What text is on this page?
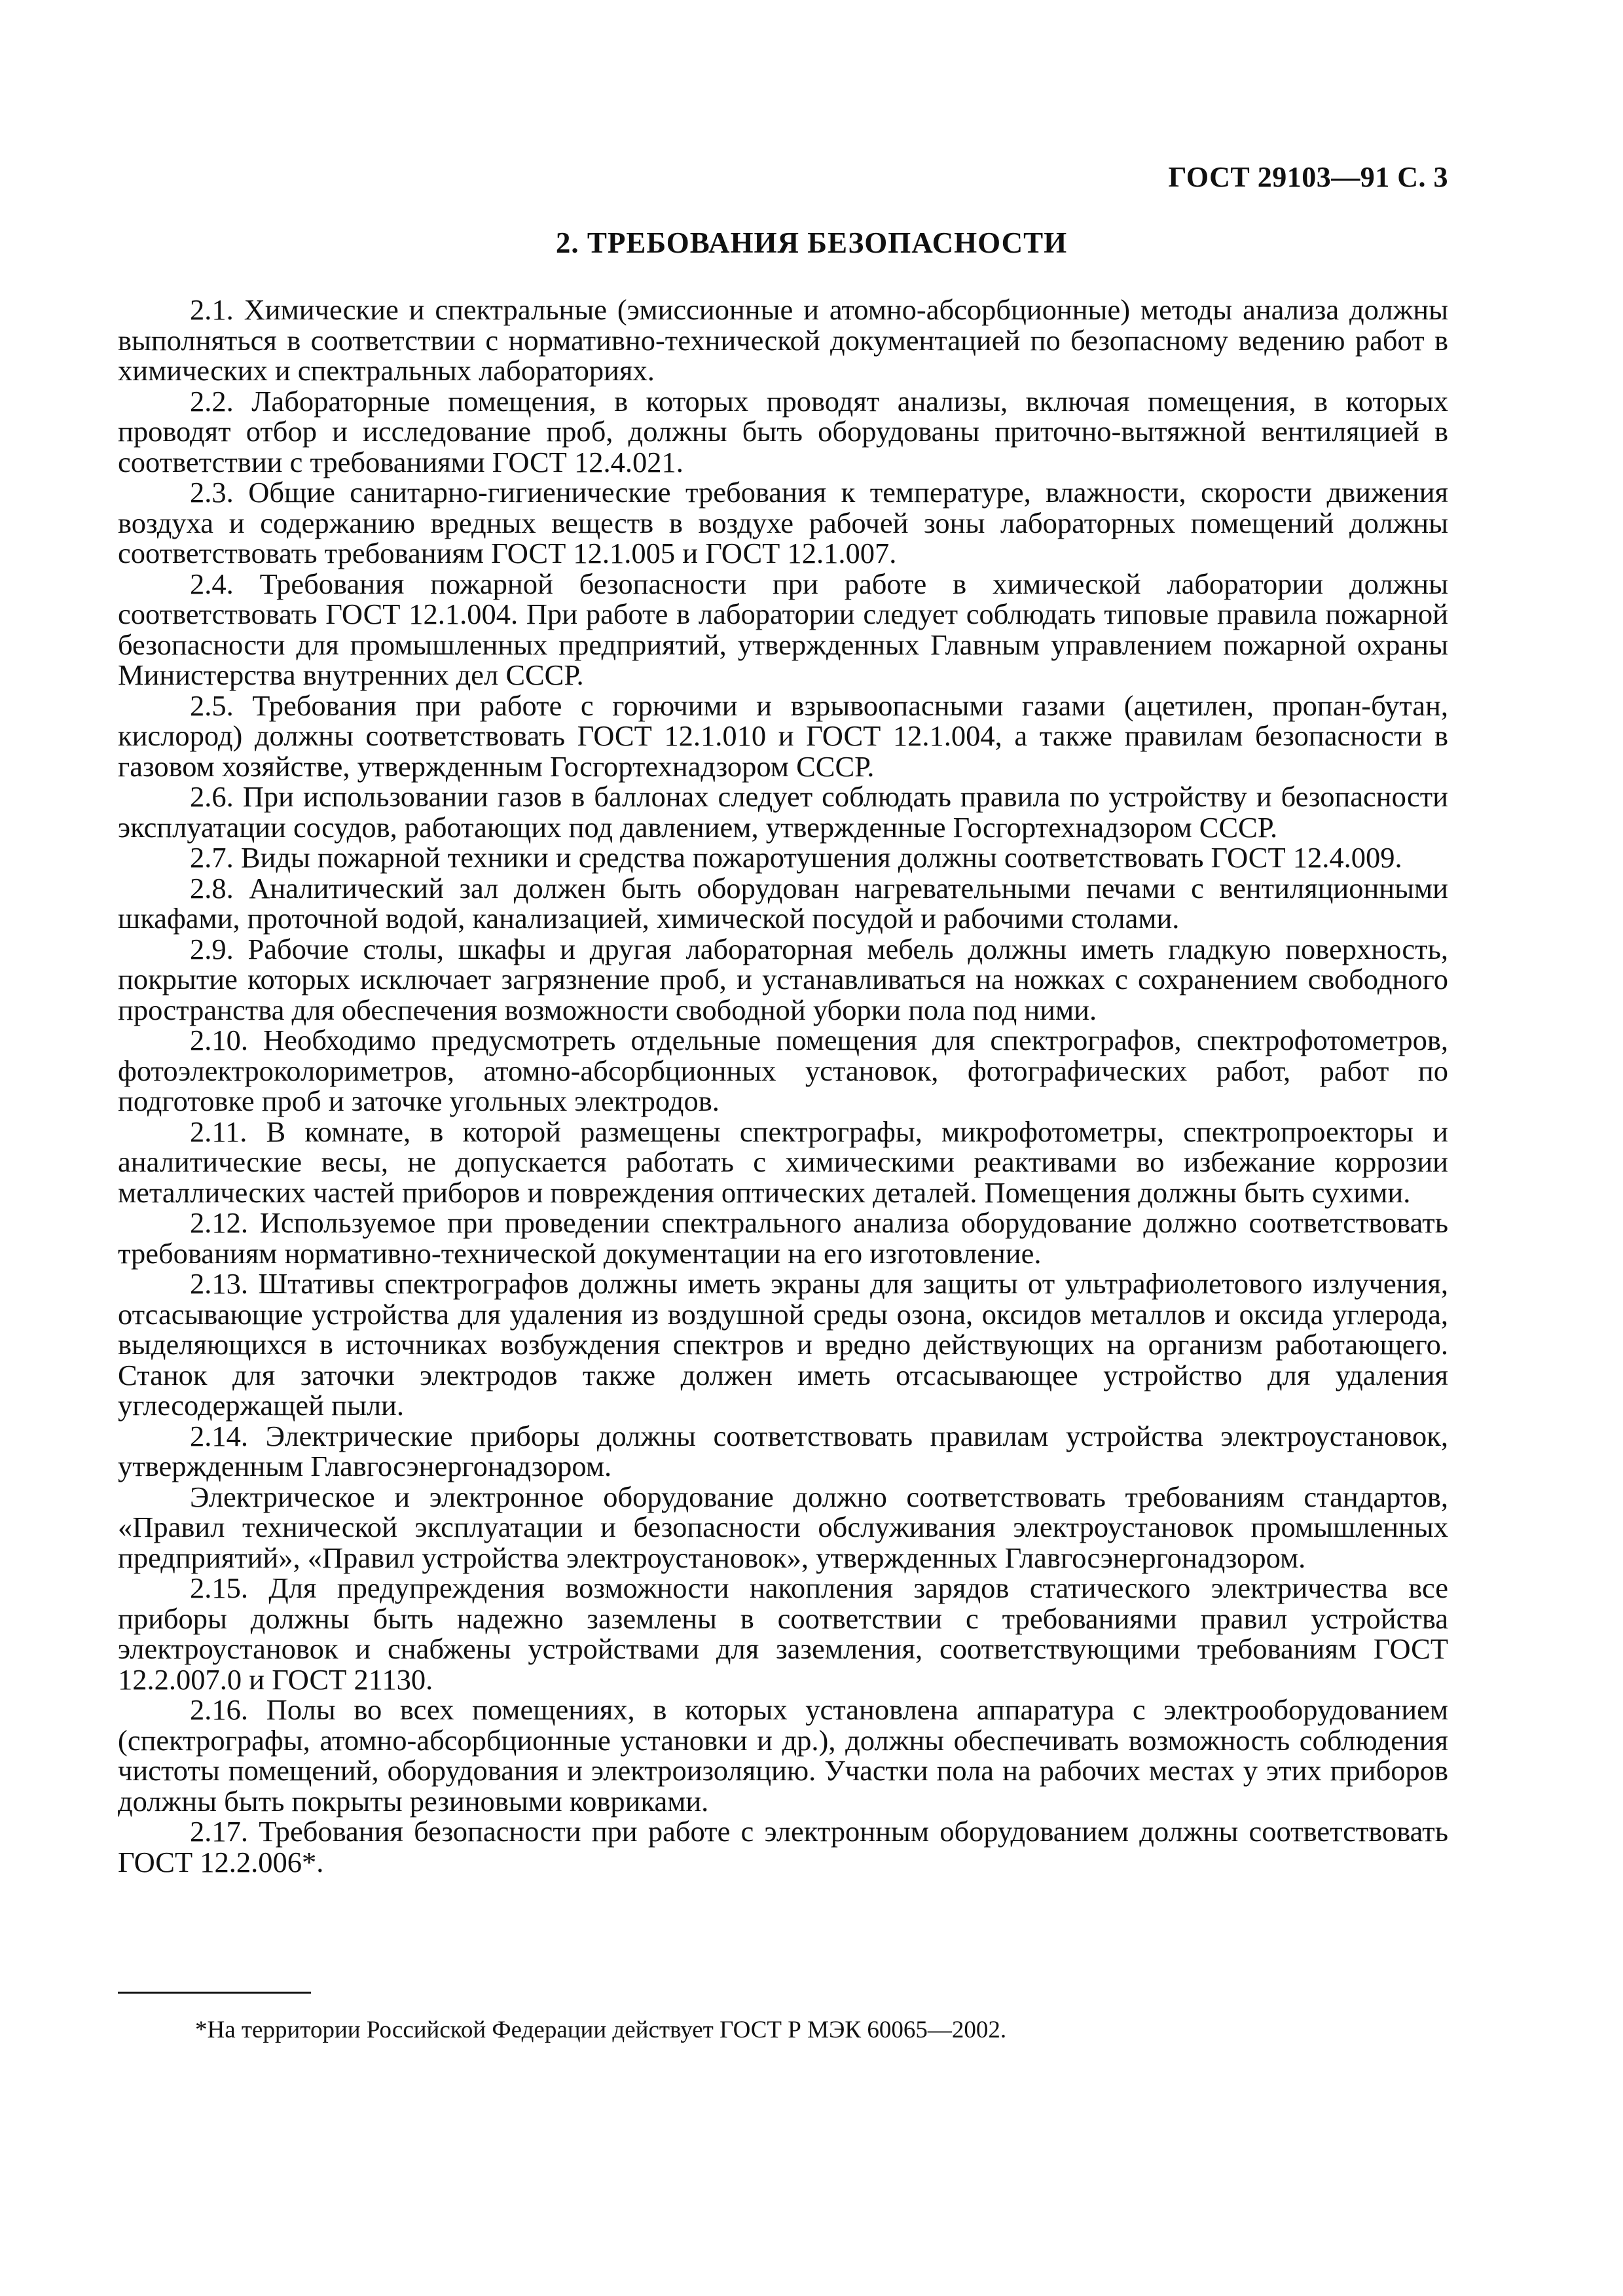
ГОСТ 29103—91 С. 3
2. ТРЕБОВАНИЯ БЕЗОПАСНОСТИ

2.1. Химические и спектральные (эмиссионные и атомно-абсорбционные) методы анализа должны выполняться в соответствии с нормативно-технической документацией по безопасному ведению работ в химических и спектральных лабораториях.

2.2. Лабораторные помещения, в которых проводят анализы, включая помещения, в которых проводят отбор и исследование проб, должны быть оборудованы приточно-вытяжной вентиляцией в соответствии с требованиями ГОСТ 12.4.021.

2.3. Общие санитарно-гигиенические требования к температуре, влажности, скорости движения воздуха и содержанию вредных веществ в воздухе рабочей зоны лабораторных помещений должны соответствовать требованиям ГОСТ 12.1.005 и ГОСТ 12.1.007.

2.4. Требования пожарной безопасности при работе в химической лаборатории должны соответствовать ГОСТ 12.1.004. При работе в лаборатории следует соблюдать типовые правила пожарной безопасности для промышленных предприятий, утвержденных Главным управлением пожарной охраны Министерства внутренних дел СССР.

2.5. Требования при работе с горючими и взрывоопасными газами (ацетилен, пропан-бутан, кислород) должны соответствовать ГОСТ 12.1.010 и ГОСТ 12.1.004, а также правилам безопасности в газовом хозяйстве, утвержденным Госгортехнадзором СССР.

2.6. При использовании газов в баллонах следует соблюдать правила по устройству и безопасности эксплуатации сосудов, работающих под давлением, утвержденные Госгортехнадзором СССР.

2.7. Виды пожарной техники и средства пожаротушения должны соответствовать ГОСТ 12.4.009.

2.8. Аналитический зал должен быть оборудован нагревательными печами с вентиляционными шкафами, проточной водой, канализацией, химической посудой и рабочими столами.

2.9. Рабочие столы, шкафы и другая лабораторная мебель должны иметь гладкую поверхность, покрытие которых исключает загрязнение проб, и устанавливаться на ножках с сохранением свободного пространства для обеспечения возможности свободной уборки пола под ними.

2.10. Необходимо предусмотреть отдельные помещения для спектрографов, спектрофотометров, фотоэлектроколориметров, атомно-абсорбционных установок, фотографических работ, работ по подготовке проб и заточке угольных электродов.

2.11. В комнате, в которой размещены спектрографы, микрофотометры, спектропроекторы и аналитические весы, не допускается работать с химическими реактивами во избежание коррозии металлических частей приборов и повреждения оптических деталей. Помещения должны быть сухими.

2.12. Используемое при проведении спектрального анализа оборудование должно соответствовать требованиям нормативно-технической документации на его изготовление.

2.13. Штативы спектрографов должны иметь экраны для защиты от ультрафиолетового излучения, отсасывающие устройства для удаления из воздушной среды озона, оксидов металлов и оксида углерода, выделяющихся в источниках возбуждения спектров и вредно действующих на организм работающего. Станок для заточки электродов также должен иметь отсасывающее устройство для удаления углесодержащей пыли.

2.14. Электрические приборы должны соответствовать правилам устройства электроустановок, утвержденным Главгосэнергонадзором.

Электрическое и электронное оборудование должно соответствовать требованиям стандартов, «Правил технической эксплуатации и безопасности обслуживания электроустановок промышленных предприятий», «Правил устройства электроустановок», утвержденных Главгосэнергонадзором.

2.15. Для предупреждения возможности накопления зарядов статического электричества все приборы должны быть надежно заземлены в соответствии с требованиями правил устройства электроустановок и снабжены устройствами для заземления, соответствующими требованиям ГОСТ 12.2.007.0 и ГОСТ 21130.

2.16. Полы во всех помещениях, в которых установлена аппаратура с электрооборудованием (спектрографы, атомно-абсорбционные установки и др.), должны обеспечивать возможность соблюдения чистоты помещений, оборудования и электроизоляцию. Участки пола на рабочих местах у этих приборов должны быть покрыты резиновыми ковриками.

2.17. Требования безопасности при работе с электронным оборудованием должны соответствовать ГОСТ 12.2.006*.

*На территории Российской Федерации действует ГОСТ Р МЭК 60065—2002.
